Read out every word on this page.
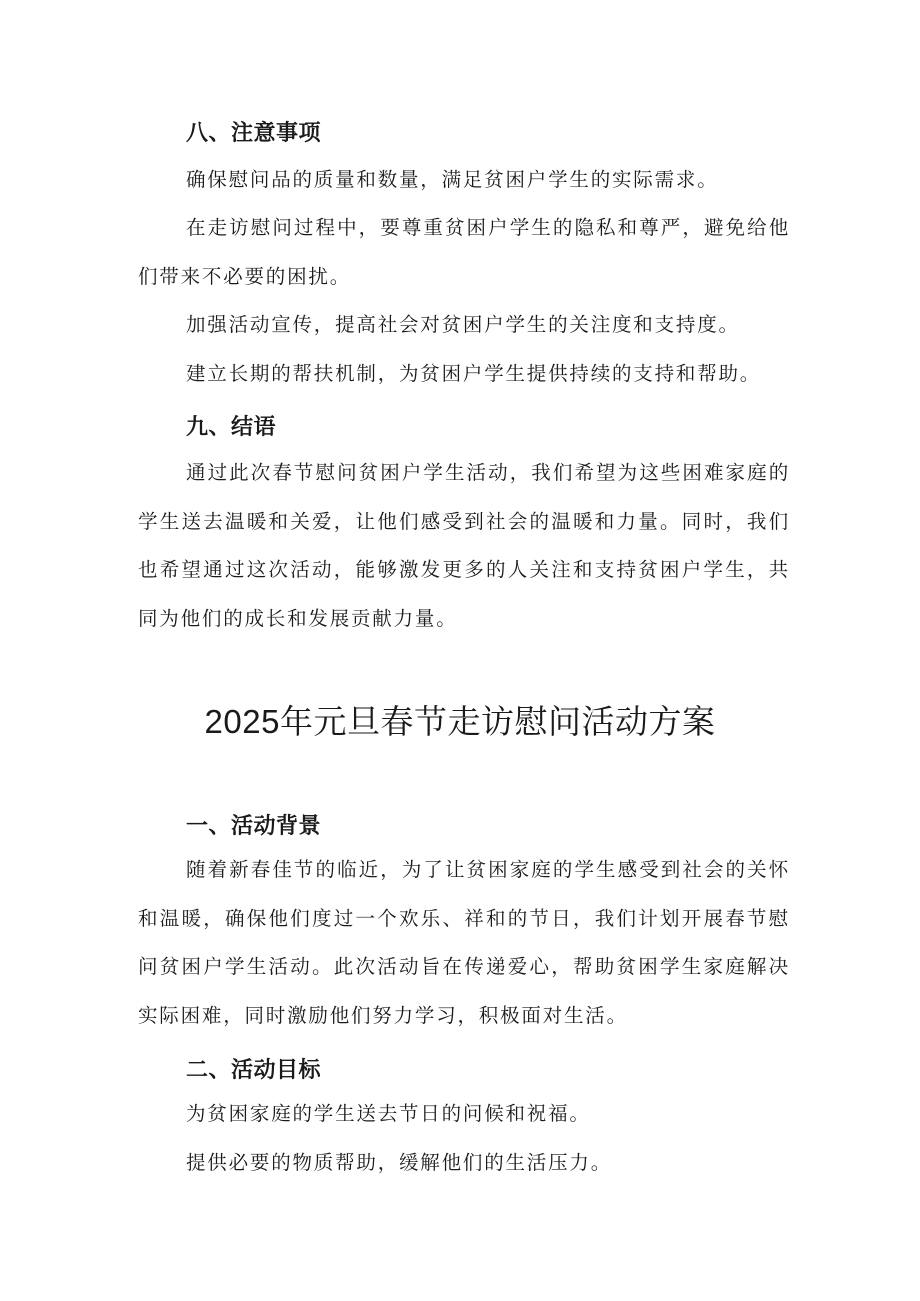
八、注意事项

确保慰问品的质量和数量，满足贫困户学生的实际需求。

在走访慰问过程中，要尊重贫困户学生的隐私和尊严，避免给他们带来不必要的困扰。

加强活动宣传，提高社会对贫困户学生的关注度和支持度。

建立长期的帮扶机制，为贫困户学生提供持续的支持和帮助。

九、结语

通过此次春节慰问贫困户学生活动，我们希望为这些困难家庭的学生送去温暖和关爱，让他们感受到社会的温暖和力量。同时，我们也希望通过这次活动，能够激发更多的人关注和支持贫困户学生，共同为他们的成长和发展贡献力量。

2025年元旦春节走访慰问活动方案
一、活动背景

随着新春佳节的临近，为了让贫困家庭的学生感受到社会的关怀和温暖，确保他们度过一个欢乐、祥和的节日，我们计划开展春节慰问贫困户学生活动。此次活动旨在传递爱心，帮助贫困学生家庭解决实际困难，同时激励他们努力学习，积极面对生活。

二、活动目标

为贫困家庭的学生送去节日的问候和祝福。

提供必要的物质帮助，缓解他们的生活压力。
